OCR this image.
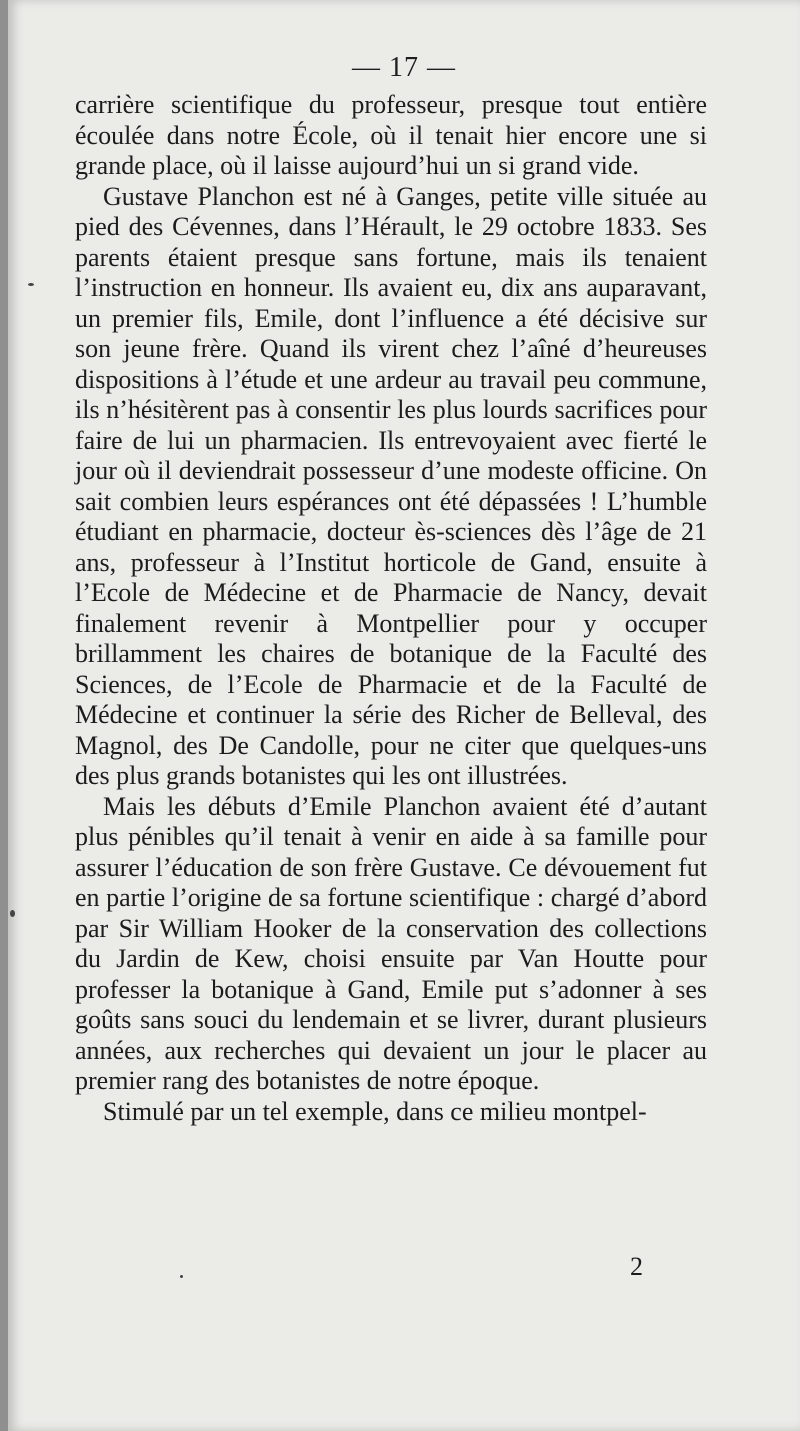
— 17 —

carrière scientifique du professeur, presque tout entière écoulée dans notre École, où il tenait hier encore une si grande place, où il laisse aujourd’hui un si grand vide.

Gustave Planchon est né à Ganges, petite ville située au pied des Cévennes, dans l’Hérault, le 29 octobre 1833. Ses parents étaient presque sans fortune, mais ils tenaient l’instruction en honneur. Ils avaient eu, dix ans auparavant, un premier fils, Emile, dont l’influence a été décisive sur son jeune frère. Quand ils virent chez l’aîné d’heureuses dispositions à l’étude et une ardeur au travail peu commune, ils n’hésitèrent pas à consentir les plus lourds sacrifices pour faire de lui un pharmacien. Ils entrevoyaient avec fierté le jour où il deviendrait possesseur d’une modeste officine. On sait combien leurs espérances ont été dépassées ! L’humble étudiant en pharmacie, docteur ès-sciences dès l’âge de 21 ans, professeur à l’Institut horticole de Gand, ensuite à l’Ecole de Médecine et de Pharmacie de Nancy, devait finalement revenir à Montpellier pour y occuper brillamment les chaires de botanique de la Faculté des Sciences, de l’Ecole de Pharmacie et de la Faculté de Médecine et continuer la série des Richer de Belleval, des Magnol, des De Candolle, pour ne citer que quelques-uns des plus grands botanistes qui les ont illustrées.

Mais les débuts d’Emile Planchon avaient été d’autant plus pénibles qu’il tenait à venir en aide à sa famille pour assurer l’éducation de son frère Gustave. Ce dévouement fut en partie l’origine de sa fortune scientifique : chargé d’abord par Sir William Hooker de la conservation des collections du Jardin de Kew, choisi ensuite par Van Houtte pour professer la botanique à Gand, Emile put s’adonner à ses goûts sans souci du lendemain et se livrer, durant plusieurs années, aux recherches qui devaient un jour le placer au premier rang des botanistes de notre époque.

Stimulé par un tel exemple, dans ce milieu montpel-

2
